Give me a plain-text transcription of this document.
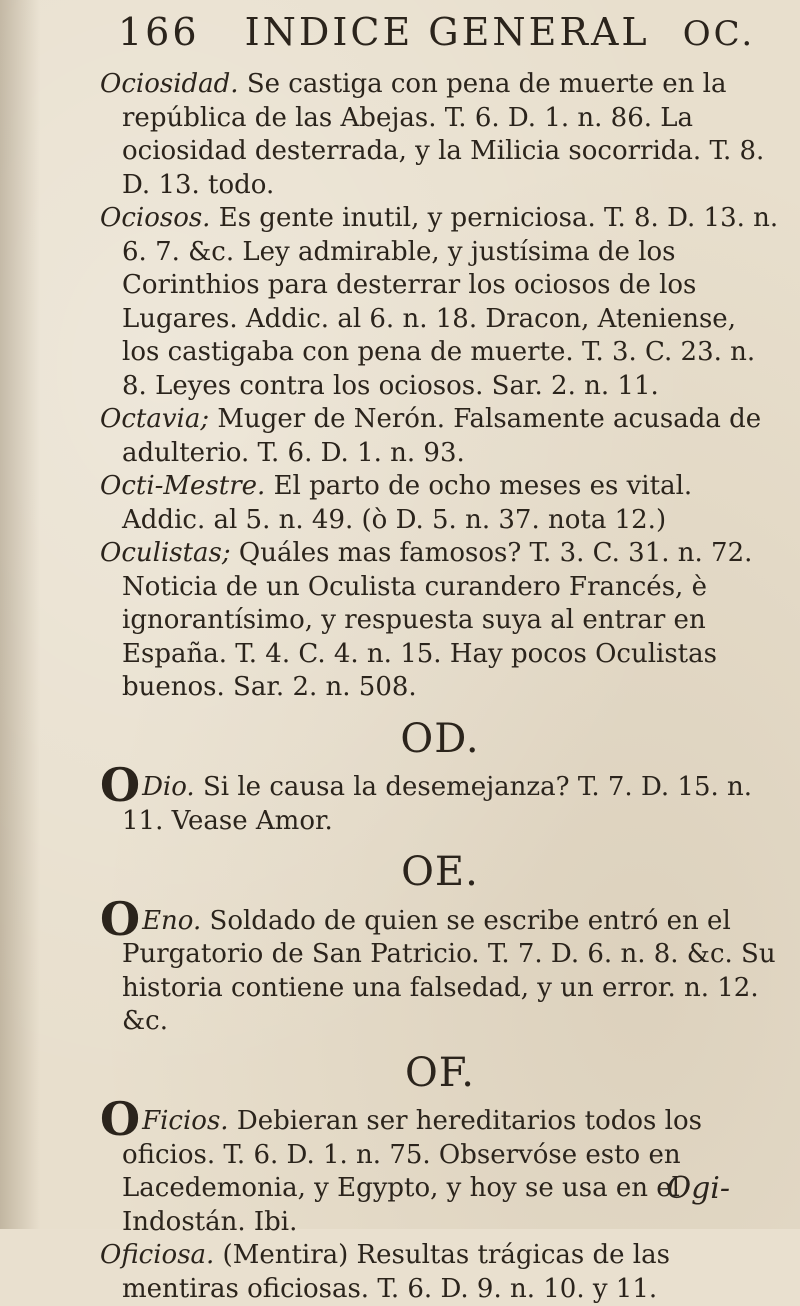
166 INDICE GENERAL OC.

Ociosidad. Se castiga con pena de muerte en la república de las Abejas. T. 6. D. 1. n. 86. La ociosidad desterrada, y la Milicia socorrida. T. 8. D. 13. todo.

Ociosos. Es gente inutil, y perniciosa. T. 8. D. 13. n. 6. 7. &c. Ley admirable, y justísima de los Corinthios para desterrar los ociosos de los Lugares. Addic. al 6. n. 18. Dracon, Ateniense, los castigaba con pena de muerte. T. 3. C. 23. n. 8. Leyes contra los ociosos. Sar. 2. n. 11.

Octavia; Muger de Nerón. Falsamente acusada de adulterio. T. 6. D. 1. n. 93.

Octi-Mestre. El parto de ocho meses es vital. Addic. al 5. n. 49. (ò D. 5. n. 37. nota 12.)

Oculistas; Quáles mas famosos? T. 3. C. 31. n. 72. Noticia de un Oculista curandero Francés, è ignorantísimo, y respuesta suya al entrar en España. T. 4. C. 4. n. 15. Hay pocos Oculistas buenos. Sar. 2. n. 508.

OD.

ODio. Si le causa la desemejanza? T. 7. D. 15. n. 11. Vease Amor.

OE.

OEno. Soldado de quien se escribe entró en el Purgatorio de San Patricio. T. 7. D. 6. n. 8. &c. Su historia contiene una falsedad, y un error. n. 12. &c.

OF.

OFicios. Debieran ser hereditarios todos los oficios. T. 6. D. 1. n. 75. Observóse esto en Lacedemonia, y Egypto, y hoy se usa en el Indostán. Ibi.

Oficiosa. (Mentira) Resultas trágicas de las mentiras oficiosas. T. 6. D. 9. n. 10. y 11.

Ogi-
